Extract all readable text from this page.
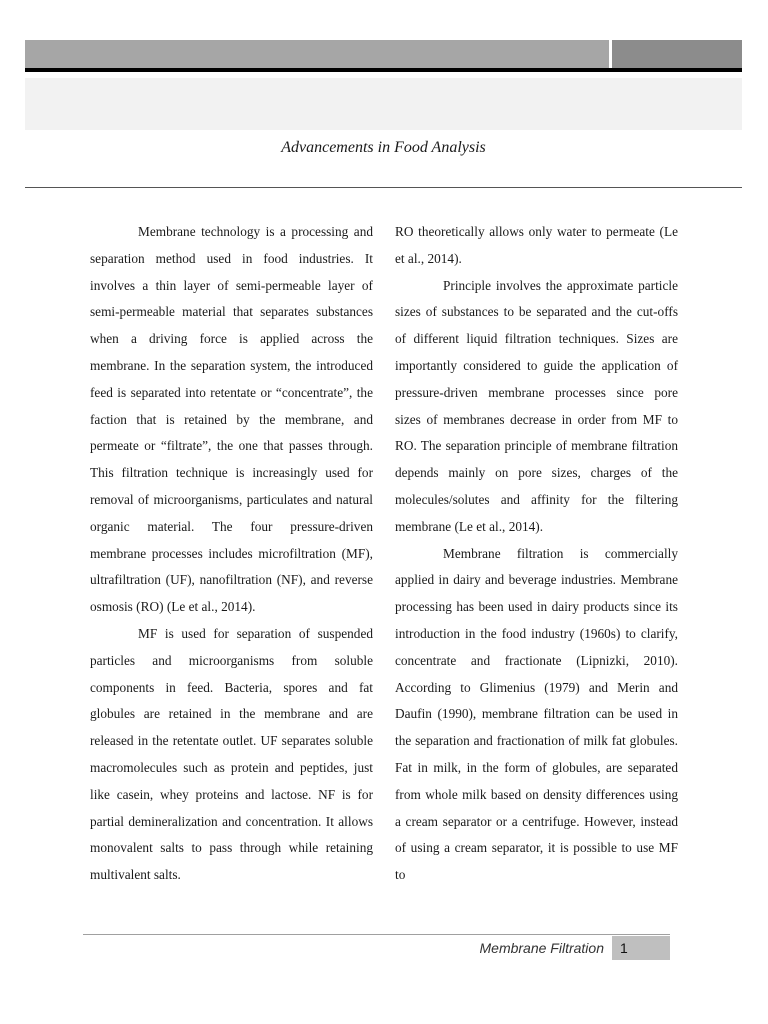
Advancements in Food Analysis

Membrane technology is a processing and separation method used in food industries. It involves a thin layer of semi-permeable layer of semi-permeable material that separates substances when a driving force is applied across the membrane. In the separation system, the introduced feed is separated into retentate or “concentrate”, the faction that is retained by the membrane, and permeate or “filtrate”, the one that passes through. This filtration technique is increasingly used for removal of microorganisms, particulates and natural organic material. The four pressure-driven membrane processes includes microfiltration (MF), ultrafiltration (UF), nanofiltration (NF), and reverse osmosis (RO) (Le et al., 2014).

MF is used for separation of suspended particles and microorganisms from soluble components in feed. Bacteria, spores and fat globules are retained in the membrane and are released in the retentate outlet. UF separates soluble macromolecules such as protein and peptides, just like casein, whey proteins and lactose. NF is for partial demineralization and concentration. It allows monovalent salts to pass through while retaining multivalent salts.

RO theoretically allows only water to permeate (Le et al., 2014).

Principle involves the approximate particle sizes of substances to be separated and the cut-offs of different liquid filtration techniques. Sizes are importantly considered to guide the application of pressure-driven membrane processes since pore sizes of membranes decrease in order from MF to RO. The separation principle of membrane filtration depends mainly on pore sizes, charges of the molecules/solutes and affinity for the filtering membrane (Le et al., 2014).

Membrane filtration is commercially applied in dairy and beverage industries. Membrane processing has been used in dairy products since its introduction in the food industry (1960s) to clarify, concentrate and fractionate (Lipnizki, 2010). According to Glimenius (1979) and Merin and Daufin (1990), membrane filtration can be used in the separation and fractionation of milk fat globules. Fat in milk, in the form of globules, are separated from whole milk based on density differences using a cream separator or a centrifuge. However, instead of using a cream separator, it is possible to use MF to

Membrane Filtration	1
